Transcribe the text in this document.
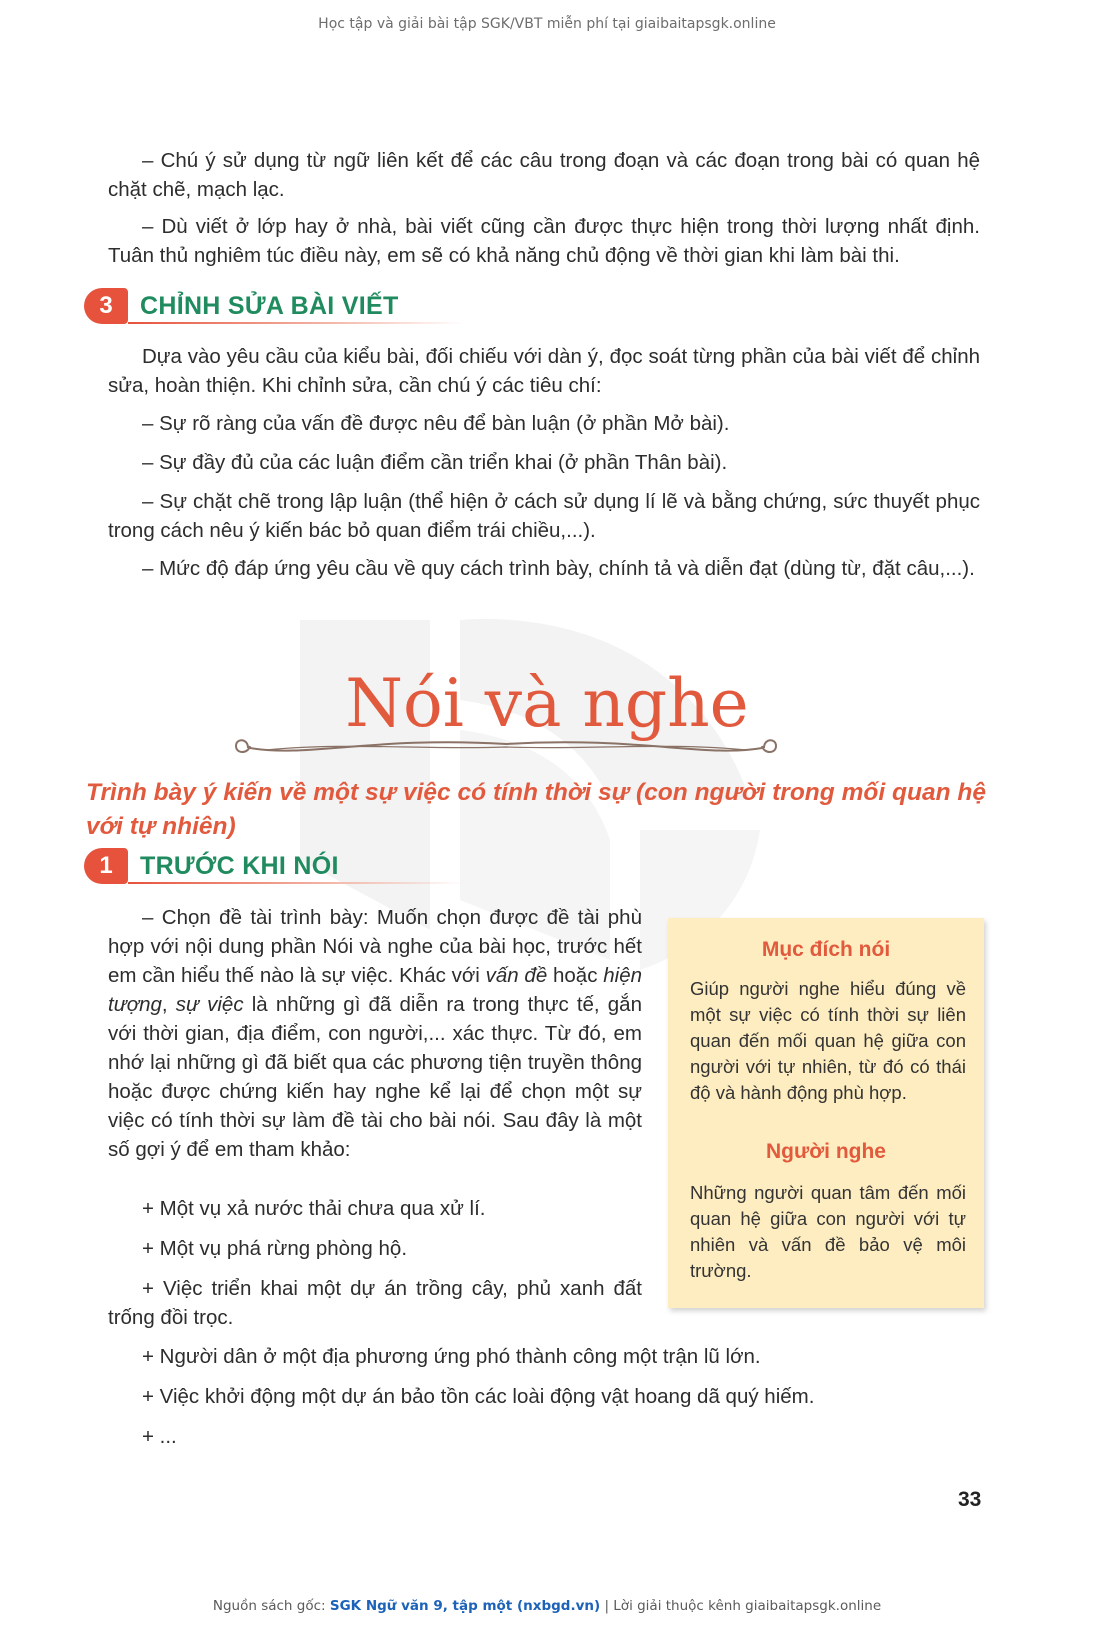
Học tập và giải bài tập SGK/VBT miễn phí tại giaibaitapsgk.online

– Chú ý sử dụng từ ngữ liên kết để các câu trong đoạn và các đoạn trong bài có quan hệ chặt chẽ, mạch lạc.

– Dù viết ở lớp hay ở nhà, bài viết cũng cần được thực hiện trong thời lượng nhất định. Tuân thủ nghiêm túc điều này, em sẽ có khả năng chủ động về thời gian khi làm bài thi.

3	CHỈNH SỬA BÀI VIẾT

Dựa vào yêu cầu của kiểu bài, đối chiếu với dàn ý, đọc soát từng phần của bài viết để chỉnh sửa, hoàn thiện. Khi chỉnh sửa, cần chú ý các tiêu chí:

– Sự rõ ràng của vấn đề được nêu để bàn luận (ở phần Mở bài).

– Sự đầy đủ của các luận điểm cần triển khai (ở phần Thân bài).

– Sự chặt chẽ trong lập luận (thể hiện ở cách sử dụng lí lẽ và bằng chứng, sức thuyết phục trong cách nêu ý kiến bác bỏ quan điểm trái chiều,...).

– Mức độ đáp ứng yêu cầu về quy cách trình bày, chính tả và diễn đạt (dùng từ, đặt câu,...).

Nói và nghe
Trình bày ý kiến về một sự việc có tính thời sự (con người trong mối quan hệ với tự nhiên)
1	TRƯỚC KHI NÓI

– Chọn đề tài trình bày: Muốn chọn được đề tài phù hợp với nội dung phần Nói và nghe của bài học, trước hết em cần hiểu thế nào là sự việc. Khác với vấn đề hoặc hiện tượng, sự việc là những gì đã diễn ra trong thực tế, gắn với thời gian, địa điểm, con người,... xác thực. Từ đó, em nhớ lại những gì đã biết qua các phương tiện truyền thông hoặc được chứng kiến hay nghe kể lại để chọn một sự việc có tính thời sự làm đề tài cho bài nói. Sau đây là một số gợi ý để em tham khảo:

+ Một vụ xả nước thải chưa qua xử lí.

+ Một vụ phá rừng phòng hộ.

+ Việc triển khai một dự án trồng cây, phủ xanh đất trống đồi trọc.

+ Người dân ở một địa phương ứng phó thành công một trận lũ lớn.

+ Việc khởi động một dự án bảo tồn các loài động vật hoang dã quý hiếm.

+ ...

Mục đích nói
Giúp người nghe hiểu đúng về một sự việc có tính thời sự liên quan đến mối quan hệ giữa con người với tự nhiên, từ đó có thái độ và hành động phù hợp.
Người nghe
Những người quan tâm đến mối quan hệ giữa con người với tự nhiên và vấn đề bảo vệ môi trường.
33
Nguồn sách gốc: SGK Ngữ văn 9, tập một (nxbgd.vn) | Lời giải thuộc kênh giaibaitapsgk.online
